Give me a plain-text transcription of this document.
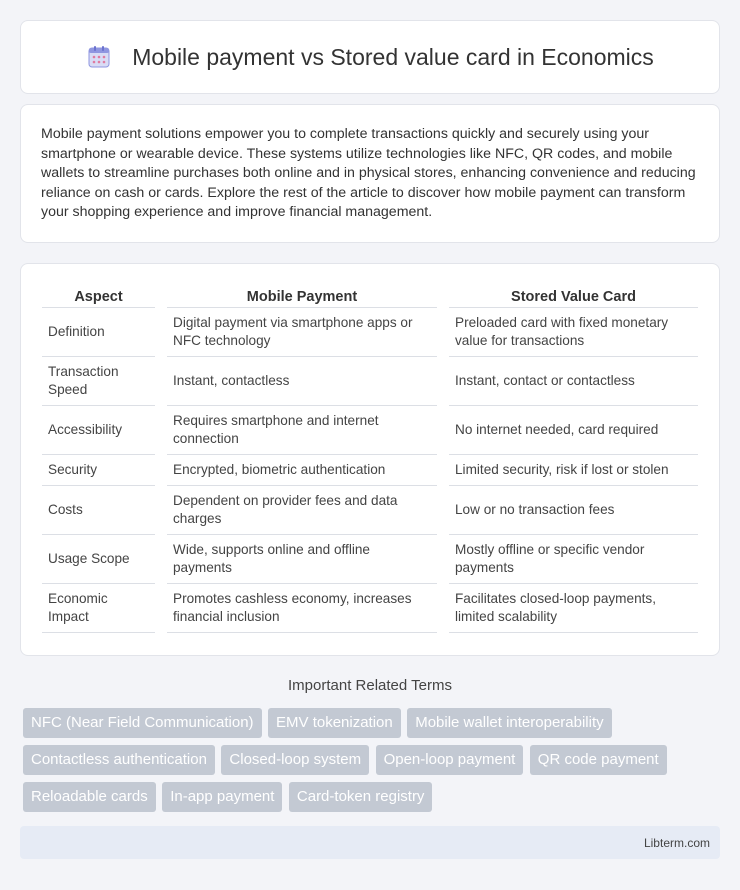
Mobile payment vs Stored value card in Economics

Mobile payment solutions empower you to complete transactions quickly and securely using your smartphone or wearable device. These systems utilize technologies like NFC, QR codes, and mobile wallets to streamline purchases both online and in physical stores, enhancing convenience and reducing reliance on cash or cards. Explore the rest of the article to discover how mobile payment can transform your shopping experience and improve financial management.

Aspect		Mobile Payment		Stored Value Card
Definition		Digital payment via smartphone apps or NFC technology		Preloaded card with fixed monetary value for transactions
Transaction Speed		Instant, contactless		Instant, contact or contactless
Accessibility		Requires smartphone and internet connection		No internet needed, card required
Security		Encrypted, biometric authentication		Limited security, risk if lost or stolen
Costs		Dependent on provider fees and data charges		Low or no transaction fees
Usage Scope		Wide, supports online and offline payments		Mostly offline or specific vendor payments
Economic Impact		Promotes cashless economy, increases financial inclusion		Facilitates closed-loop payments, limited scalability
Important Related Terms
NFC (Near Field Communication) EMV tokenization Mobile wallet interoperability Contactless authentication Closed-loop system Open-loop payment QR code payment Reloadable cards In-app payment Card-token registry
Libterm.com
